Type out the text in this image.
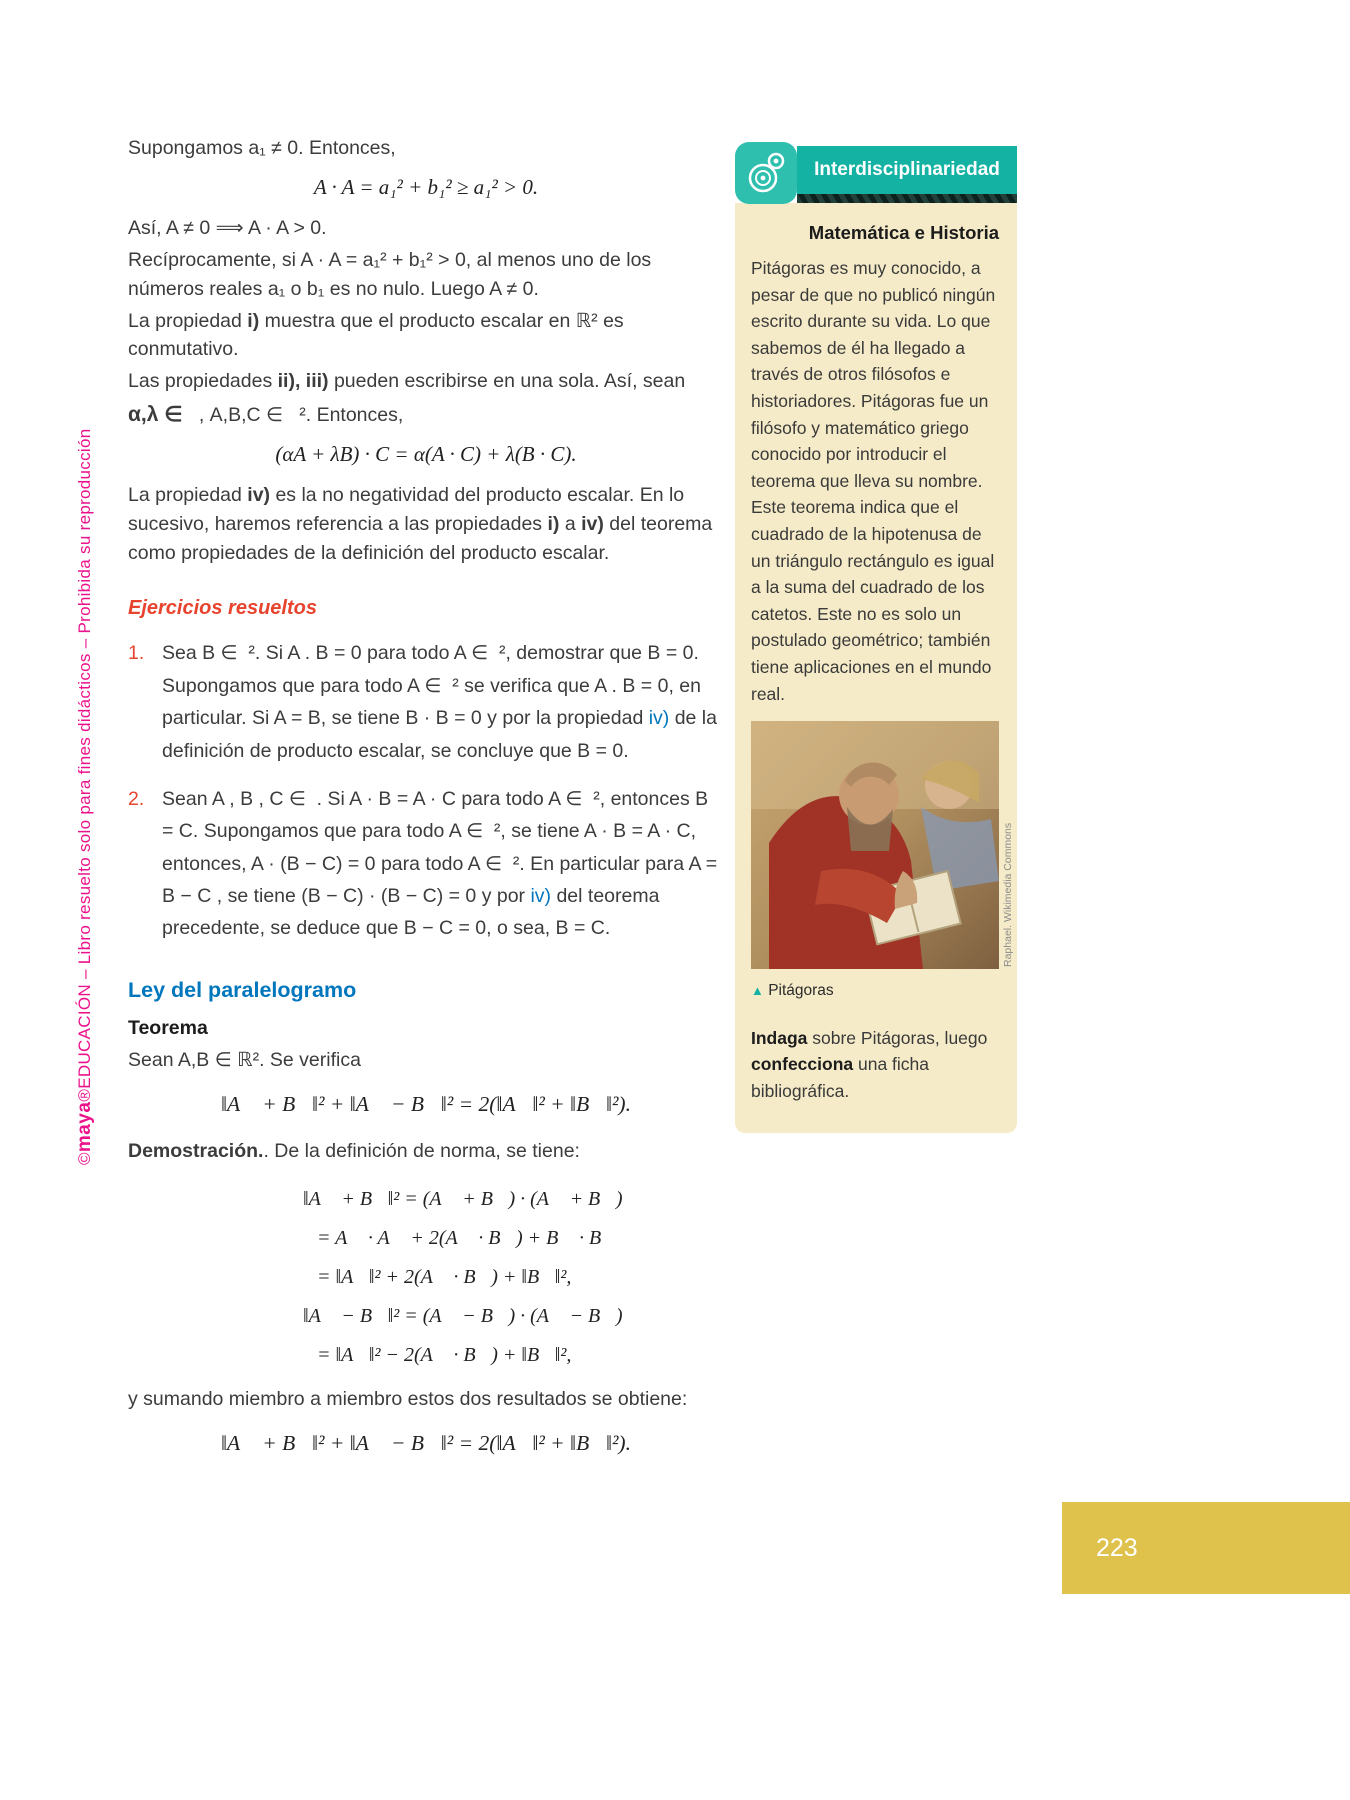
©maya®EDUCACIÓN – Libro resuelto solo para fines didácticos – Prohibida su reproducción

Supongamos a₁ ≠ 0. Entonces,

A · A = a₁² + b₁² ≥ a₁² > 0.

Así, A ≠ 0 ⟹ A · A > 0.

Recíprocamente, si A · A = a₁² + b₁² > 0, al menos uno de los números reales a₁ o b₁ es no nulo. Luego A ≠ 0.

La propiedad i) muestra que el producto escalar en ℝ² es conmutativo.

Las propiedades ii), iii) pueden escribirse en una sola. Así, sean

α,λ ∈   , A,B,C ∈   ². Entonces,

(αA + λB) · C = α(A · C) + λ(B · C).

La propiedad iv) es la no negatividad del producto escalar. En lo sucesivo, haremos referencia a las propiedades i) a iv) del teorema como propiedades de la definición del producto escalar.

Ejercicios resueltos
1. Sea B ∈  ². Si A . B = 0 para todo A ∈  ², demostrar que B = 0. Supongamos que para todo A ∈  ² se verifica que A . B = 0, en particular. Si A = B, se tiene B · B = 0 y por la propiedad iv) de la definición de producto escalar, se concluye que B = 0.
2. Sean A , B , C ∈  . Si A · B = A · C para todo A ∈  ², entonces B = C. Supongamos que para todo A ∈  ², se tiene A · B = A · C, entonces, A · (B − C) = 0 para todo A ∈  ². En particular para A = B − C , se tiene (B − C) · (B − C) = 0 y por iv) del teorema precedente, se deduce que B − C = 0, o sea, B = C.
Ley del paralelogramo

Teorema

Sean A,B ∈ ℝ². Se verifica

‖A⃗ + B⃗‖² + ‖A⃗ − B⃗‖² = 2(‖A⃗‖² + ‖B⃗‖²).

Demostración.. De la definición de norma, se tiene:

‖A⃗ + B⃗‖² = (A⃗ + B⃗) · (A⃗ + B⃗)
= A⃗ · A⃗ + 2(A⃗ · B⃗) + B⃗ · B⃗
= ‖A⃗‖² + 2(A⃗ · B⃗) + ‖B⃗‖²,
‖A⃗ − B⃗‖² = (A⃗ − B⃗) · (A⃗ − B⃗)
= ‖A⃗‖² − 2(A⃗ · B⃗) + ‖B⃗‖²,

y sumando miembro a miembro estos dos resultados se obtiene:

‖A⃗ + B⃗‖² + ‖A⃗ − B⃗‖² = 2(‖A⃗‖² + ‖B⃗‖²).
Interdisciplinariedad
Matemática e Historia

Pitágoras es muy conocido, a pesar de que no publicó ningún escrito durante su vida. Lo que sabemos de él ha llegado a través de otros filósofos e historiadores. Pitágoras fue un filósofo y matemático griego conocido por introducir el teorema que lleva su nombre. Este teorema indica que el cuadrado de la hipotenusa de un triángulo rectángulo es igual a la suma del cuadrado de los catetos. Este no es solo un postulado geométrico; también tiene aplicaciones en el mundo real.

Raphael. Wikimedia Commons
▲ Pitágoras

Indaga sobre Pitágoras, luego confecciona una ficha bibliográfica.

223
